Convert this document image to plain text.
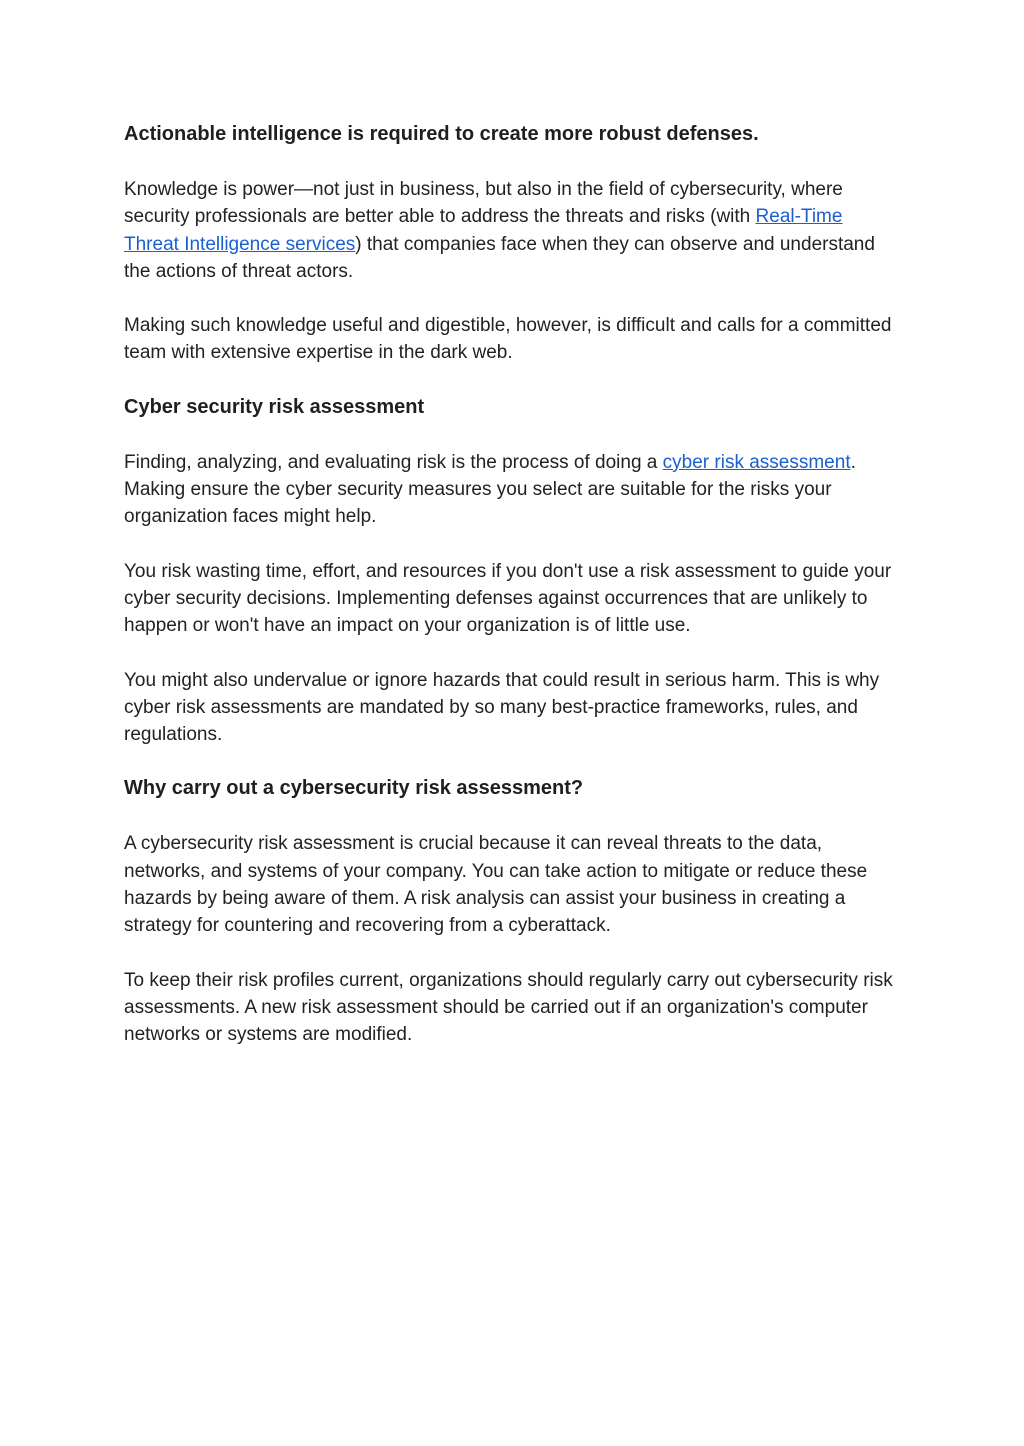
Actionable intelligence is required to create more robust defenses.

Knowledge is power—not just in business, but also in the field of cybersecurity, where security professionals are better able to address the threats and risks (with Real-Time Threat Intelligence services) that companies face when they can observe and understand the actions of threat actors.

Making such knowledge useful and digestible, however, is difficult and calls for a committed team with extensive expertise in the dark web.

Cyber security risk assessment

Finding, analyzing, and evaluating risk is the process of doing a cyber risk assessment. Making ensure the cyber security measures you select are suitable for the risks your organization faces might help.

You risk wasting time, effort, and resources if you don't use a risk assessment to guide your cyber security decisions. Implementing defenses against occurrences that are unlikely to happen or won't have an impact on your organization is of little use.

You might also undervalue or ignore hazards that could result in serious harm. This is why cyber risk assessments are mandated by so many best-practice frameworks, rules, and regulations.

Why carry out a cybersecurity risk assessment?

A cybersecurity risk assessment is crucial because it can reveal threats to the data, networks, and systems of your company. You can take action to mitigate or reduce these hazards by being aware of them. A risk analysis can assist your business in creating a strategy for countering and recovering from a cyberattack.

To keep their risk profiles current, organizations should regularly carry out cybersecurity risk assessments. A new risk assessment should be carried out if an organization's computer networks or systems are modified.
